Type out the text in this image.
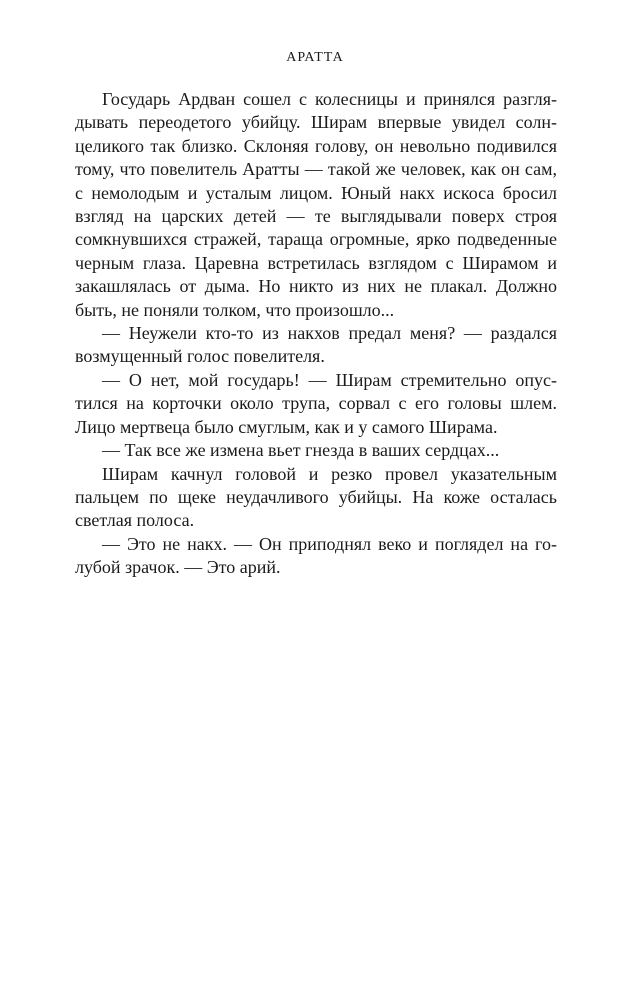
АРАТТА

Государь Ардван сошел с колесницы и принялся разглядывать переодетого убийцу. Ширам впервые увидел солнцеликого так близко. Склоняя голову, он невольно подивился тому, что повелитель Аратты — такой же человек, как он сам, с немолодым и усталым лицом. Юный накх искоса бросил взгляд на царских детей — те выглядывали поверх строя сомкнувшихся стражей, таращa огромные, ярко подведенные черным глаза. Царевна встретилась взглядом с Ширамом и закашлялась от дыма. Но никто из них не плакал. Должно быть, не поняли толком, что произошло...

— Неужели кто-то из накхов предал меня? — раздался возмущенный голос повелителя.

— О нет, мой государь! — Ширам стремительно опустился на корточки около трупа, сорвал с его головы шлем. Лицо мертвеца было смуглым, как и у самого Ширама.

— Так все же измена вьет гнезда в ваших сердцах...

Ширам качнул головой и резко провел указательным пальцем по щеке неудачливого убийцы. На коже осталась светлая полоса.

— Это не накх. — Он приподнял веко и поглядел на голубой зрачок. — Это арий.
